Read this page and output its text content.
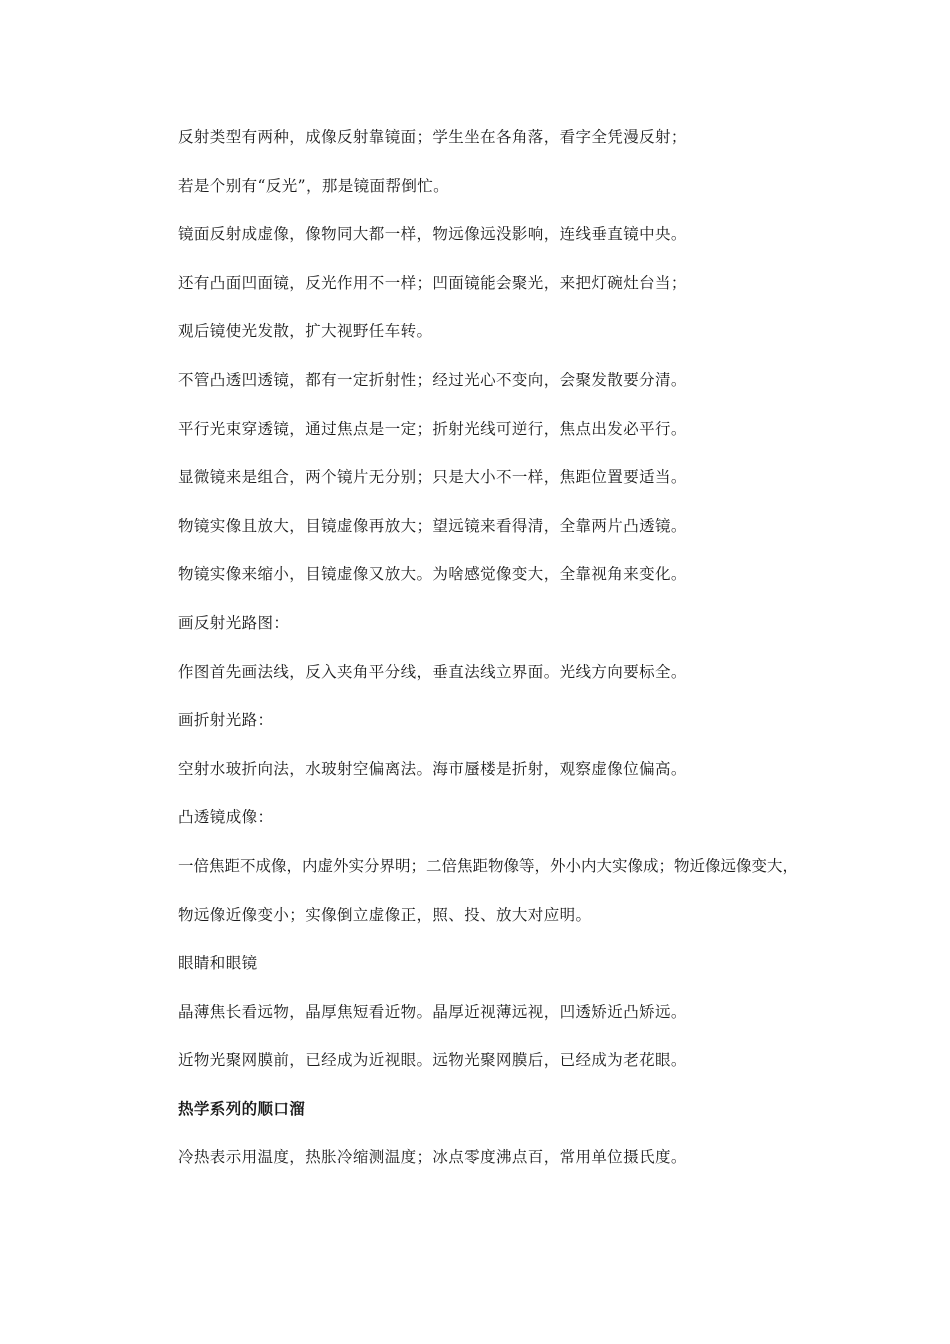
反射类型有两种，成像反射靠镜面；学生坐在各角落，看字全凭漫反射；

若是个别有“反光”，那是镜面帮倒忙。

镜面反射成虚像，像物同大都一样，物远像远没影响，连线垂直镜中央。

还有凸面凹面镜，反光作用不一样；凹面镜能会聚光，来把灯碗灶台当；

观后镜使光发散，扩大视野任车转。

不管凸透凹透镜，都有一定折射性；经过光心不变向，会聚发散要分清。

平行光束穿透镜，通过焦点是一定；折射光线可逆行，焦点出发必平行。

显微镜来是组合，两个镜片无分别；只是大小不一样，焦距位置要适当。

物镜实像且放大，目镜虚像再放大；望远镜来看得清，全靠两片凸透镜。

物镜实像来缩小，目镜虚像又放大。为啥感觉像变大，全靠视角来变化。

画反射光路图：

作图首先画法线，反入夹角平分线，垂直法线立界面。光线方向要标全。

画折射光路：

空射水玻折向法，水玻射空偏离法。海市蜃楼是折射，观察虚像位偏高。

凸透镜成像：

一倍焦距不成像，内虚外实分界明；二倍焦距物像等，外小内大实像成；物近像远像变大，

物远像近像变小；实像倒立虚像正，照、投、放大对应明。

眼睛和眼镜

晶薄焦长看远物，晶厚焦短看近物。晶厚近视薄远视，凹透矫近凸矫远。

近物光聚网膜前，已经成为近视眼。远物光聚网膜后，已经成为老花眼。

热学系列的顺口溜

冷热表示用温度，热胀冷缩测温度；冰点零度沸点百，常用单位摄氏度。
